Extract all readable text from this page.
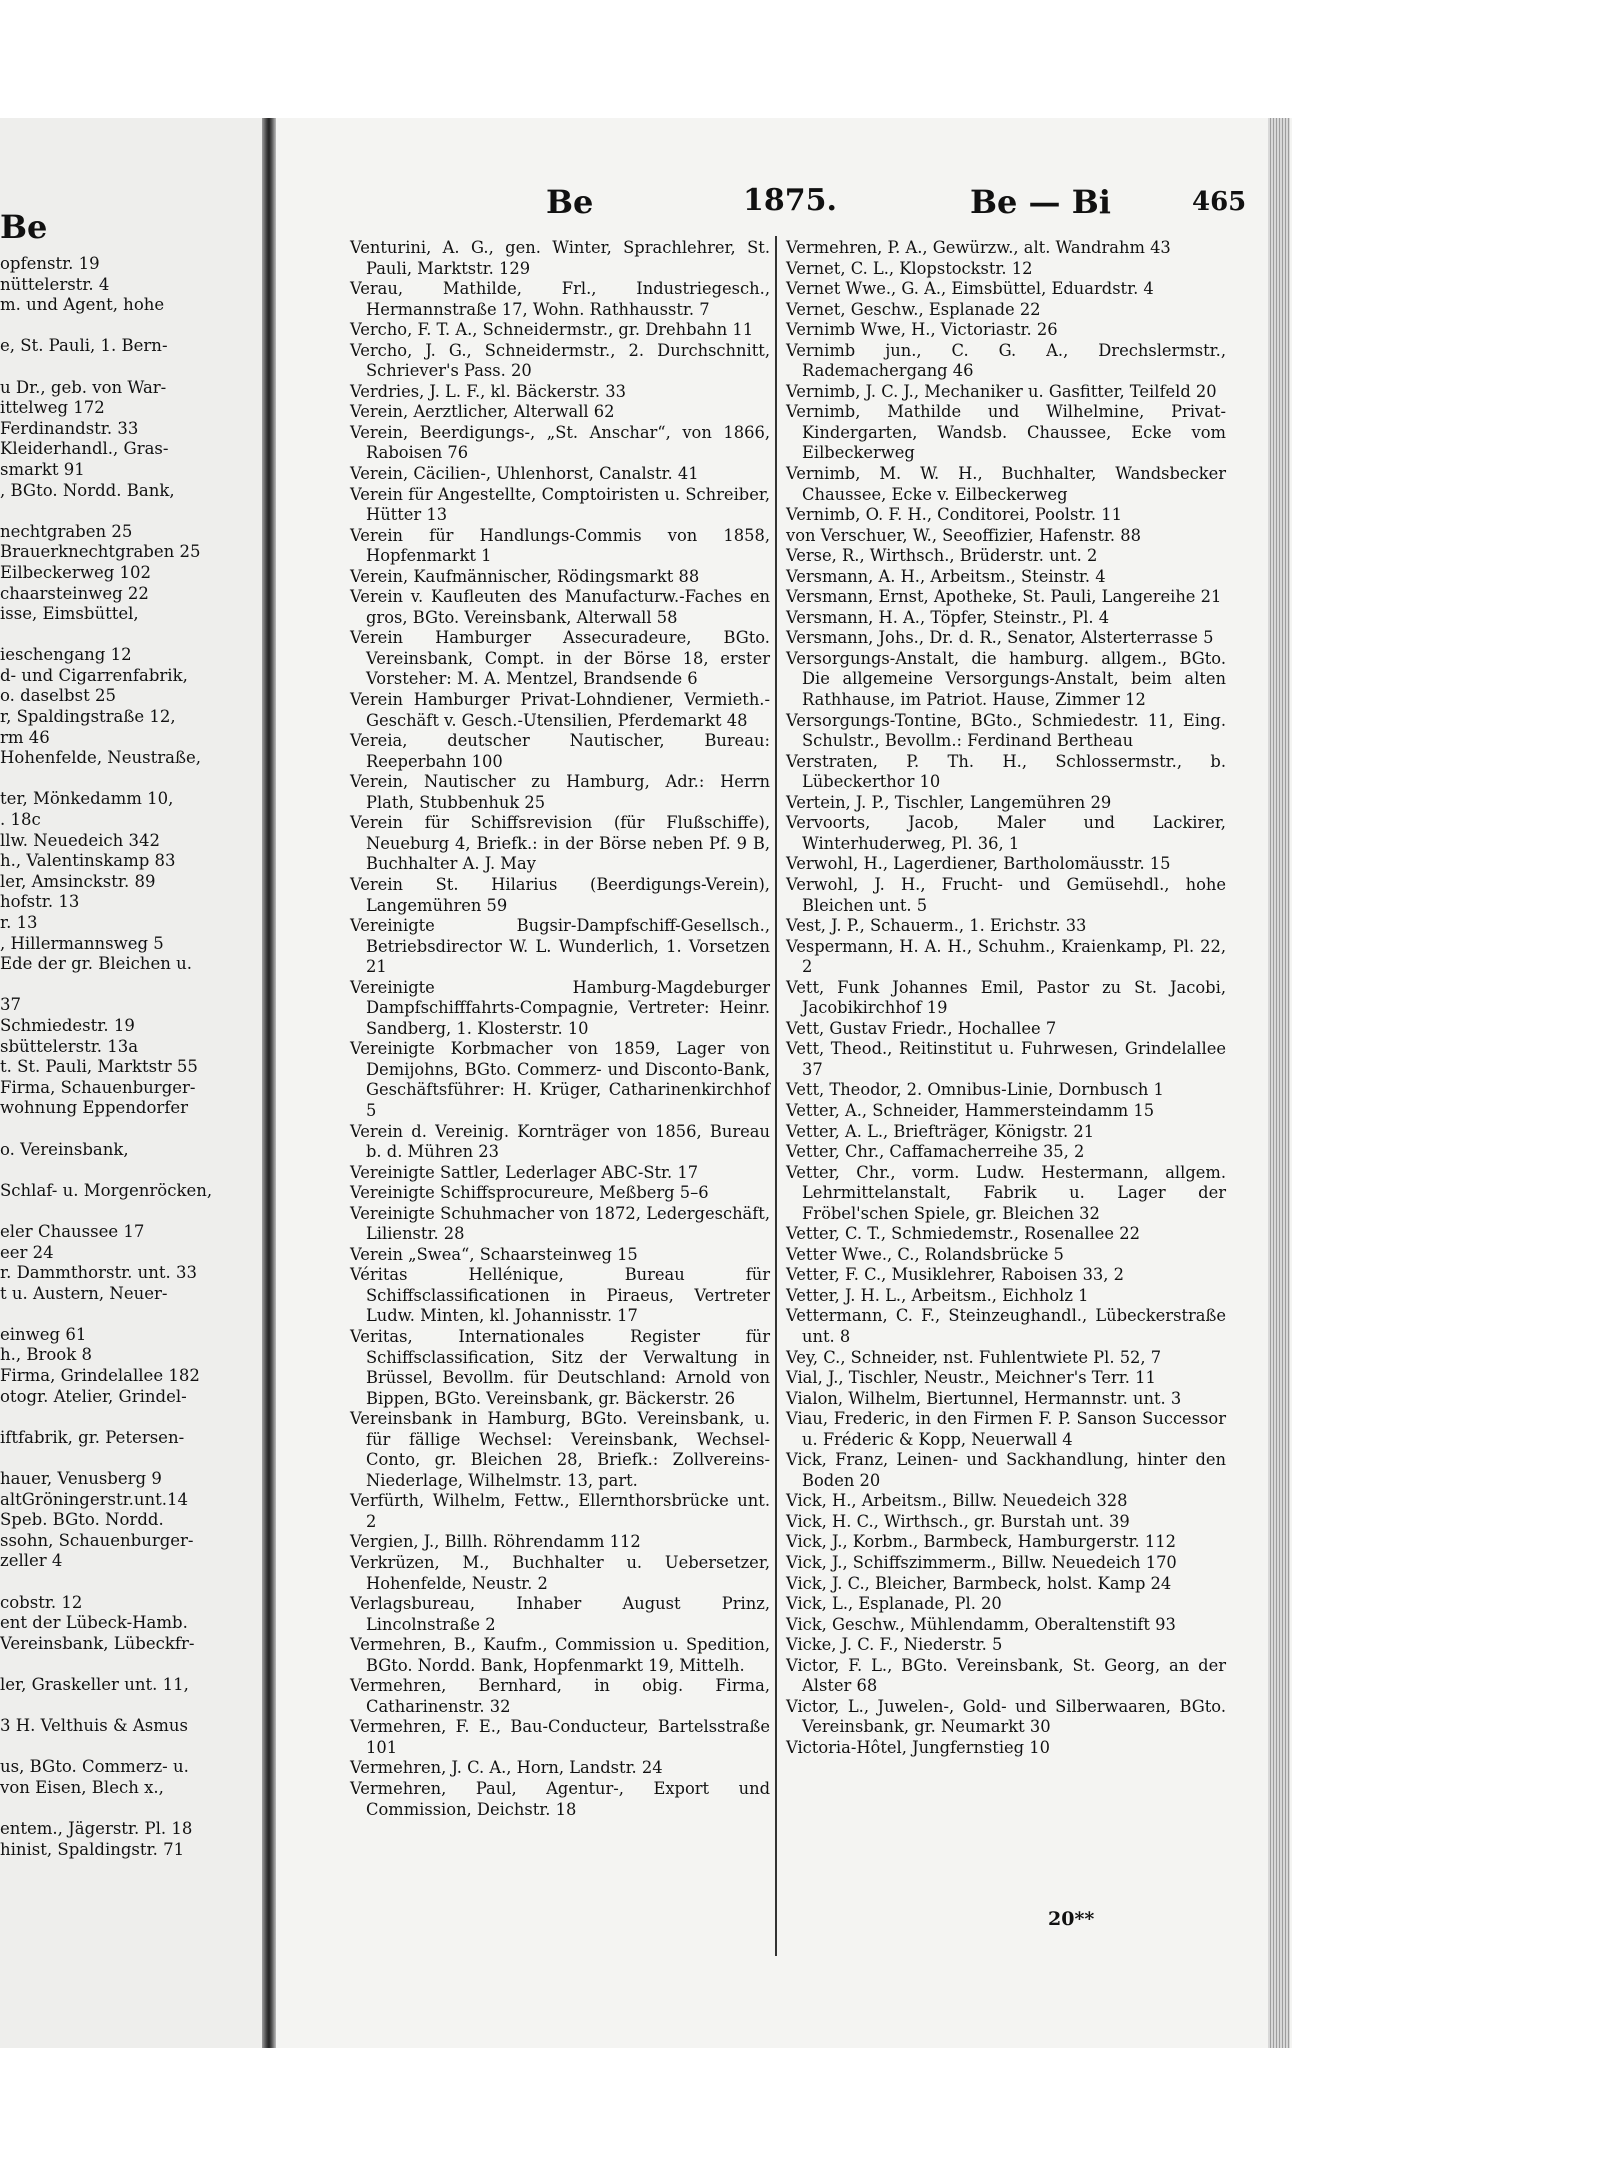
Be
opfenstr. 19
nüttelerstr. 4
m. und Agent, hohe
e, St. Pauli, 1. Bern-
u Dr., geb. von War-
ittelweg 172
Ferdinandstr. 33
Kleiderhandl., Gras-
smarkt 91
, BGto. Nordd. Bank,
nechtgraben 25
Brauerknechtgraben 25
Eilbeckerweg 102
chaarsteinweg 22
isse, Eimsbüttel,
ieschengang 12
d- und Cigarrenfabrik,
o. daselbst 25
r, Spaldingstraße 12,
rm 46
Hohenfelde, Neustraße,
ter, Mönkedamm 10,
. 18c
llw. Neuedeich 342
h., Valentinskamp 83
ler, Amsinckstr. 89
hofstr. 13
r. 13
, Hillermannsweg 5
Ede der gr. Bleichen u.
37
Schmiedestr. 19
sbüttelerstr. 13a
t. St. Pauli, Marktstr 55
Firma, Schauenburger-
wohnung Eppendorfer
o. Vereinsbank,
Schlaf- u. Morgenröcken,
eler Chaussee 17
eer 24
r. Dammthorstr. unt. 33
t u. Austern, Neuer-
einweg 61
h., Brook 8
Firma, Grindelallee 182
otogr. Atelier, Grindel-
iftfabrik, gr. Petersen-
hauer, Venusberg 9
altGröningerstr.unt.14
Speb. BGto. Nordd.
ssohn, Schauenburger-
zeller 4
cobstr. 12
ent der Lübeck-Hamb.
Vereinsbank, Lübeckfr-
ler, Graskeller unt. 11,
3 H. Velthuis & Asmus
us, BGto. Commerz- u.
von Eisen, Blech x.,
entem., Jägerstr. Pl. 18
hinist, Spaldingstr. 71
Be	1875.	Be — Bi	465
Venturini, A. G., gen. Winter, Sprachlehrer, St. Pauli, Marktstr. 129
Verau, Mathilde, Frl., Industriegesch., Hermannstraße 17, Wohn. Rathhausstr. 7
Vercho, F. T. A., Schneidermstr., gr. Drehbahn 11
Vercho, J. G., Schneidermstr., 2. Durchschnitt, Schriever's Pass. 20
Verdries, J. L. F., kl. Bäckerstr. 33
Verein, Aerztlicher, Alterwall 62
Verein, Beerdigungs-, „St. Anschar“, von 1866, Raboisen 76
Verein, Cäcilien-, Uhlenhorst, Canalstr. 41
Verein für Angestellte, Comptoiristen u. Schreiber, Hütter 13
Verein für Handlungs-Commis von 1858, Hopfenmarkt 1
Verein, Kaufmännischer, Rödingsmarkt 88
Verein v. Kaufleuten des Manufacturw.-Faches en gros, BGto. Vereinsbank, Alterwall 58
Verein Hamburger Assecuradeure, BGto. Vereinsbank, Compt. in der Börse 18, erster Vorsteher: M. A. Mentzel, Brandsende 6
Verein Hamburger Privat-Lohndiener, Vermieth.-Geschäft v. Gesch.-Utensilien, Pferdemarkt 48
Vereia, deutscher Nautischer, Bureau: Reeperbahn 100
Verein, Nautischer zu Hamburg, Adr.: Herrn Plath, Stubbenhuk 25
Verein für Schiffsrevision (für Flußschiffe), Neueburg 4, Briefk.: in der Börse neben Pf. 9 B, Buchhalter A. J. May
Verein St. Hilarius (Beerdigungs-Verein), Langemühren 59
Vereinigte Bugsir-Dampfschiff-Gesellsch., Betriebsdirector W. L. Wunderlich, 1. Vorsetzen 21
Vereinigte Hamburg-Magdeburger Dampfschifffahrts-Compagnie, Vertreter: Heinr. Sandberg, 1. Klosterstr. 10
Vereinigte Korbmacher von 1859, Lager von Demijohns, BGto. Commerz- und Disconto-Bank, Geschäftsführer: H. Krüger, Catharinenkirchhof 5
Verein d. Vereinig. Kornträger von 1856, Bureau b. d. Mühren 23
Vereinigte Sattler, Lederlager ABC-Str. 17
Vereinigte Schiffsprocureure, Meßberg 5–6
Vereinigte Schuhmacher von 1872, Ledergeschäft, Lilienstr. 28
Verein „Swea“, Schaarsteinweg 15
Véritas Hellénique, Bureau für Schiffsclassificationen in Piraeus, Vertreter Ludw. Minten, kl. Johannisstr. 17
Veritas, Internationales Register für Schiffsclassification, Sitz der Verwaltung in Brüssel, Bevollm. für Deutschland: Arnold von Bippen, BGto. Vereinsbank, gr. Bäckerstr. 26
Vereinsbank in Hamburg, BGto. Vereinsbank, u. für fällige Wechsel: Vereinsbank, Wechsel-Conto, gr. Bleichen 28, Briefk.: Zollvereins-Niederlage, Wilhelmstr. 13, part.
Verfürth, Wilhelm, Fettw., Ellernthorsbrücke unt. 2
Vergien, J., Billh. Röhrendamm 112
Verkrüzen, M., Buchhalter u. Uebersetzer, Hohenfelde, Neustr. 2
Verlagsbureau, Inhaber August Prinz, Lincolnstraße 2
Vermehren, B., Kaufm., Commission u. Spedition, BGto. Nordd. Bank, Hopfenmarkt 19, Mittelh.
Vermehren, Bernhard, in obig. Firma, Catharinenstr. 32
Vermehren, F. E., Bau-Conducteur, Bartelsstraße 101
Vermehren, J. C. A., Horn, Landstr. 24
Vermehren, Paul, Agentur-, Export und Commission, Deichstr. 18
Vermehren, P. A., Gewürzw., alt. Wandrahm 43
Vernet, C. L., Klopstockstr. 12
Vernet Wwe., G. A., Eimsbüttel, Eduardstr. 4
Vernet, Geschw., Esplanade 22
Vernimb Wwe, H., Victoriastr. 26
Vernimb jun., C. G. A., Drechslermstr., Rademachergang 46
Vernimb, J. C. J., Mechaniker u. Gasfitter, Teilfeld 20
Vernimb, Mathilde und Wilhelmine, Privat-Kindergarten, Wandsb. Chaussee, Ecke vom Eilbeckerweg
Vernimb, M. W. H., Buchhalter, Wandsbecker Chaussee, Ecke v. Eilbeckerweg
Vernimb, O. F. H., Conditorei, Poolstr. 11
von Verschuer, W., Seeoffizier, Hafenstr. 88
Verse, R., Wirthsch., Brüderstr. unt. 2
Versmann, A. H., Arbeitsm., Steinstr. 4
Versmann, Ernst, Apotheke, St. Pauli, Langereihe 21
Versmann, H. A., Töpfer, Steinstr., Pl. 4
Versmann, Johs., Dr. d. R., Senator, Alsterterrasse 5
Versorgungs-Anstalt, die hamburg. allgem., BGto. Die allgemeine Versorgungs-Anstalt, beim alten Rathhause, im Patriot. Hause, Zimmer 12
Versorgungs-Tontine, BGto., Schmiedestr. 11, Eing. Schulstr., Bevollm.: Ferdinand Bertheau
Verstraten, P. Th. H., Schlossermstr., b. Lübeckerthor 10
Vertein, J. P., Tischler, Langemühren 29
Vervoorts, Jacob, Maler und Lackirer, Winterhuderweg, Pl. 36, 1
Verwohl, H., Lagerdiener, Bartholomäusstr. 15
Verwohl, J. H., Frucht- und Gemüsehdl., hohe Bleichen unt. 5
Vest, J. P., Schauerm., 1. Erichstr. 33
Vespermann, H. A. H., Schuhm., Kraienkamp, Pl. 22, 2
Vett, Funk Johannes Emil, Pastor zu St. Jacobi, Jacobikirchhof 19
Vett, Gustav Friedr., Hochallee 7
Vett, Theod., Reitinstitut u. Fuhrwesen, Grindelallee 37
Vett, Theodor, 2. Omnibus-Linie, Dornbusch 1
Vetter, A., Schneider, Hammersteindamm 15
Vetter, A. L., Briefträger, Königstr. 21
Vetter, Chr., Caffamacherreihe 35, 2
Vetter, Chr., vorm. Ludw. Hestermann, allgem. Lehrmittelanstalt, Fabrik u. Lager der Fröbel'schen Spiele, gr. Bleichen 32
Vetter, C. T., Schmiedemstr., Rosenallee 22
Vetter Wwe., C., Rolandsbrücke 5
Vetter, F. C., Musiklehrer, Raboisen 33, 2
Vetter, J. H. L., Arbeitsm., Eichholz 1
Vettermann, C. F., Steinzeughandl., Lübeckerstraße unt. 8
Vey, C., Schneider, nst. Fuhlentwiete Pl. 52, 7
Vial, J., Tischler, Neustr., Meichner's Terr. 11
Vialon, Wilhelm, Biertunnel, Hermannstr. unt. 3
Viau, Frederic, in den Firmen F. P. Sanson Successor u. Fréderic & Kopp, Neuerwall 4
Vick, Franz, Leinen- und Sackhandlung, hinter den Boden 20
Vick, H., Arbeitsm., Billw. Neuedeich 328
Vick, H. C., Wirthsch., gr. Burstah unt. 39
Vick, J., Korbm., Barmbeck, Hamburgerstr. 112
Vick, J., Schiffszimmerm., Billw. Neuedeich 170
Vick, J. C., Bleicher, Barmbeck, holst. Kamp 24
Vick, L., Esplanade, Pl. 20
Vick, Geschw., Mühlendamm, Oberaltenstift 93
Vicke, J. C. F., Niederstr. 5
Victor, F. L., BGto. Vereinsbank, St. Georg, an der Alster 68
Victor, L., Juwelen-, Gold- und Silberwaaren, BGto. Vereinsbank, gr. Neumarkt 30
Victoria-Hôtel, Jungfernstieg 10
20**
